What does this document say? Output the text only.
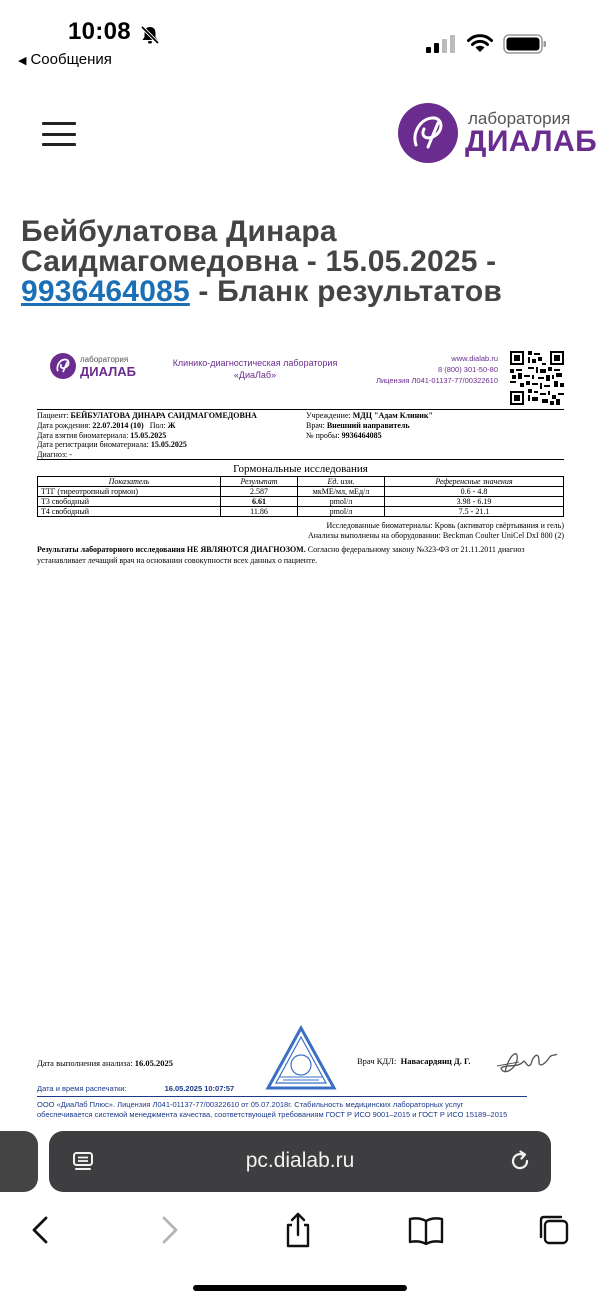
10:08
◀ Сообщения
лаборатория
ДИАЛАБ
Бейбулатова Динара Саидмагомедовна - 15.05.2025 -
9936464085 - Бланк результатов
лаборатория
ДИАЛАБ
Клинико-диагностическая лаборатория
«ДиаЛаб»
www.dialab.ru
8 (800) 301-50-80
Лицензия Л041-01137-77/00322610
Пациент: БЕЙБУЛАТОВА ДИНАРА САИДМАГОМЕДОВНА
Дата рождения: 22.07.2014 (10) Пол: Ж
Дата взятия биоматериала: 15.05.2025
Дата регистрации биоматериала: 15.05.2025
Диагноз: -
Учреждение: МДЦ "Адам Клиник"
Врач: Внешний направитель
№ пробы: 9936464085
Гормональные исследования
Показатель	Результат	Ед. изм.	Референсные значения
ТТГ (тиреотропный гормон)	2.587	мкМЕ/мл, мЕд/л	0.6 - 4.8
Т3 свободный	6.61	pmol/л	3.98 - 6.19
Т4 свободный	11.86	pmol/л	7.5 - 21.1
Исследованные биоматериалы: Кровь (активатор свёртывания и гель)
Анализы выполнены на оборудовании: Beckman Coulter UniCel DxI 800 (2)
Результаты лабораторного исследования НЕ ЯВЛЯЮТСЯ ДИАГНОЗОМ. Согласно федеральному закону №323-ФЗ от 21.11.2011 диагноз устанавливает лечащий врач на основании совокупности всех данных о пациенте.
Дата выполнения анализа: 16.05.2025	Врач КДЛ: Навасардянц Д. Г.
Дата и время распечатки:	16.05.2025 10:07:57
ООО «ДиаЛаб Плюс». Лицензия Л041-01137-77/00322610 от 05.07.2018г. Стабильность медицинских лабораторных услуг
обеспечивается системой менеджмента качества, соответствующей требованиям ГОСТ Р ИСО 9001–2015 и ГОСТ Р ИСО 15189–2015
pc.dialab.ru
